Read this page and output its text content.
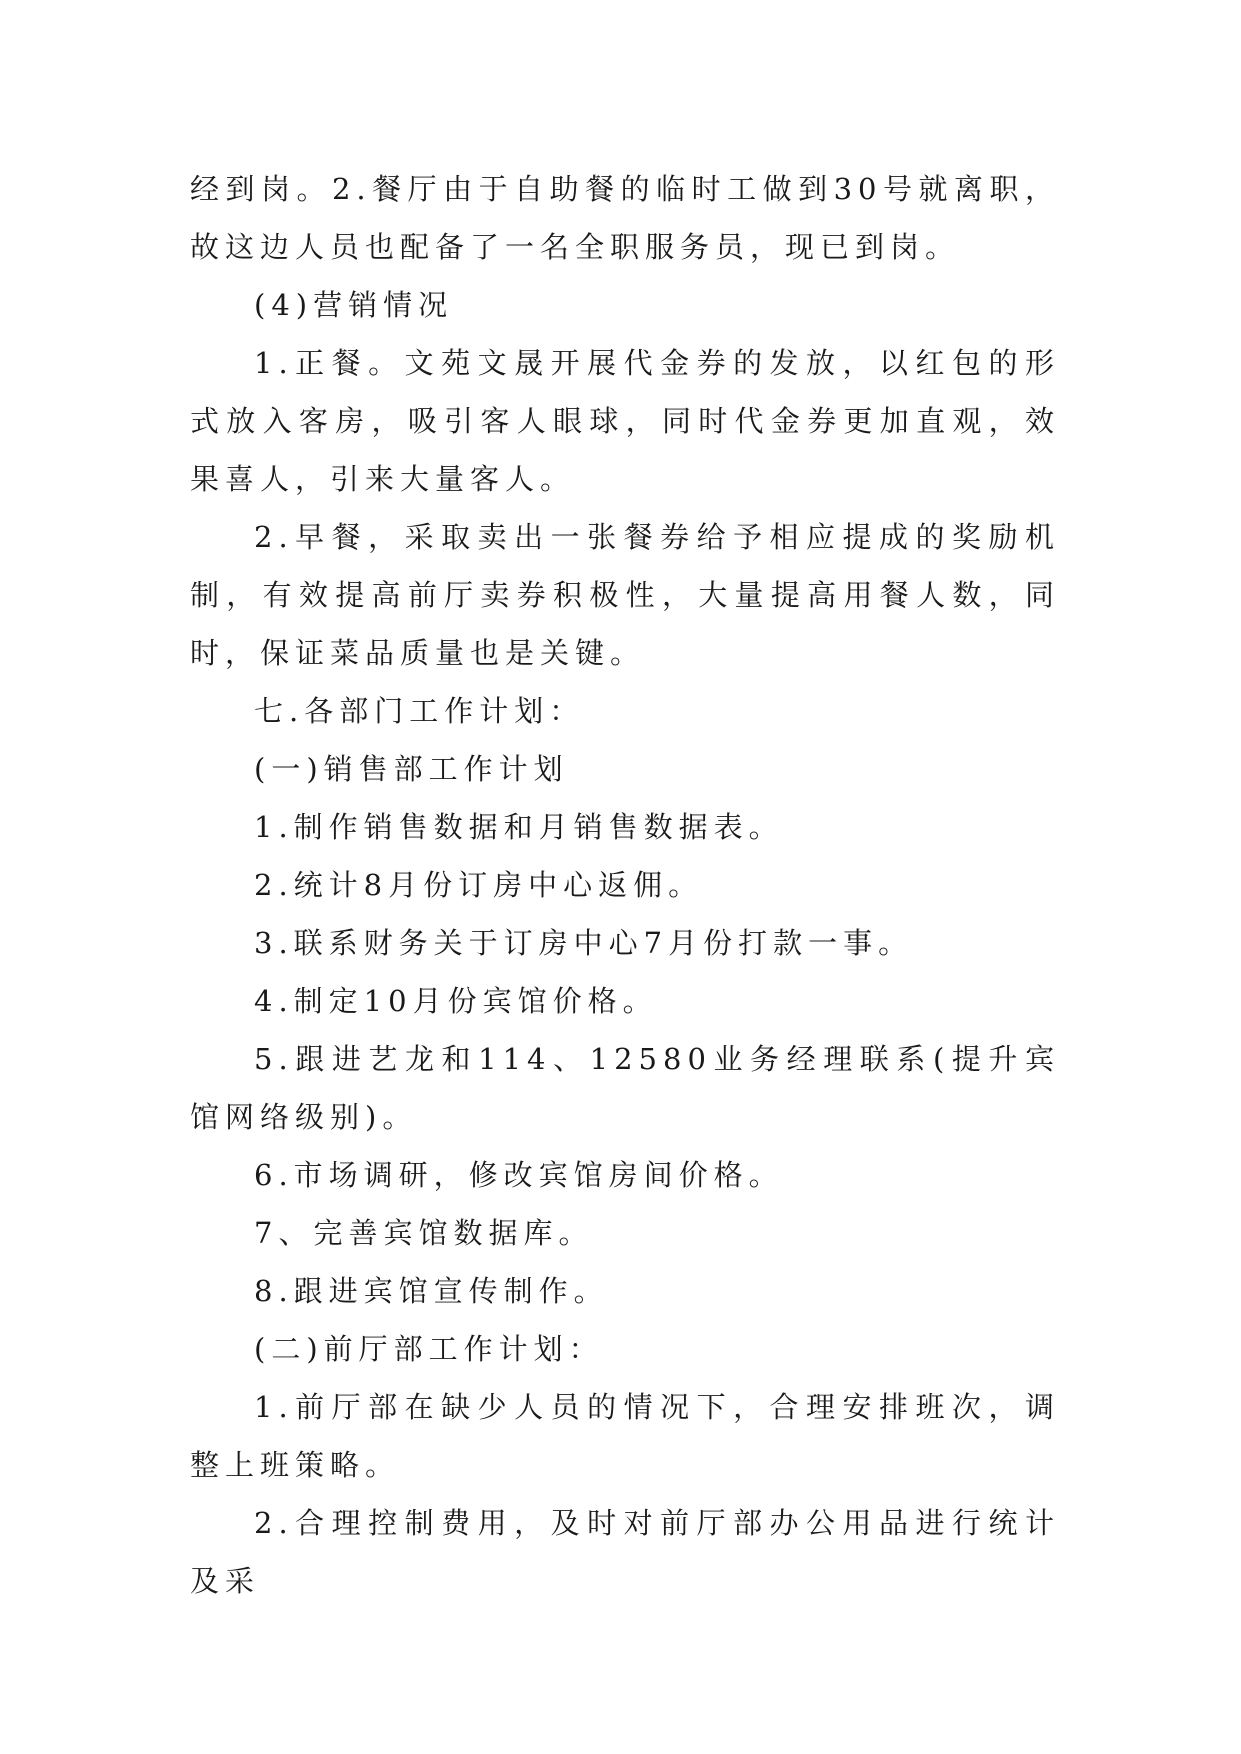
经到岗。2.餐厅由于自助餐的临时工做到30号就离职，故这边人员也配备了一名全职服务员，现已到岗。

(4)营销情况

1.正餐。文苑文晟开展代金券的发放，以红包的形式放入客房，吸引客人眼球，同时代金券更加直观，效果喜人，引来大量客人。

2.早餐，采取卖出一张餐券给予相应提成的奖励机制，有效提高前厅卖券积极性，大量提高用餐人数，同时，保证菜品质量也是关键。

七.各部门工作计划：

(一)销售部工作计划

1.制作销售数据和月销售数据表。

2.统计8月份订房中心返佣。

3.联系财务关于订房中心7月份打款一事。

4.制定10月份宾馆价格。

5.跟进艺龙和114、12580业务经理联系(提升宾馆网络级别)。

6.市场调研，修改宾馆房间价格。

7、完善宾馆数据库。

8.跟进宾馆宣传制作。

(二)前厅部工作计划：

1.前厅部在缺少人员的情况下，合理安排班次，调整上班策略。

2.合理控制费用，及时对前厅部办公用品进行统计及采
